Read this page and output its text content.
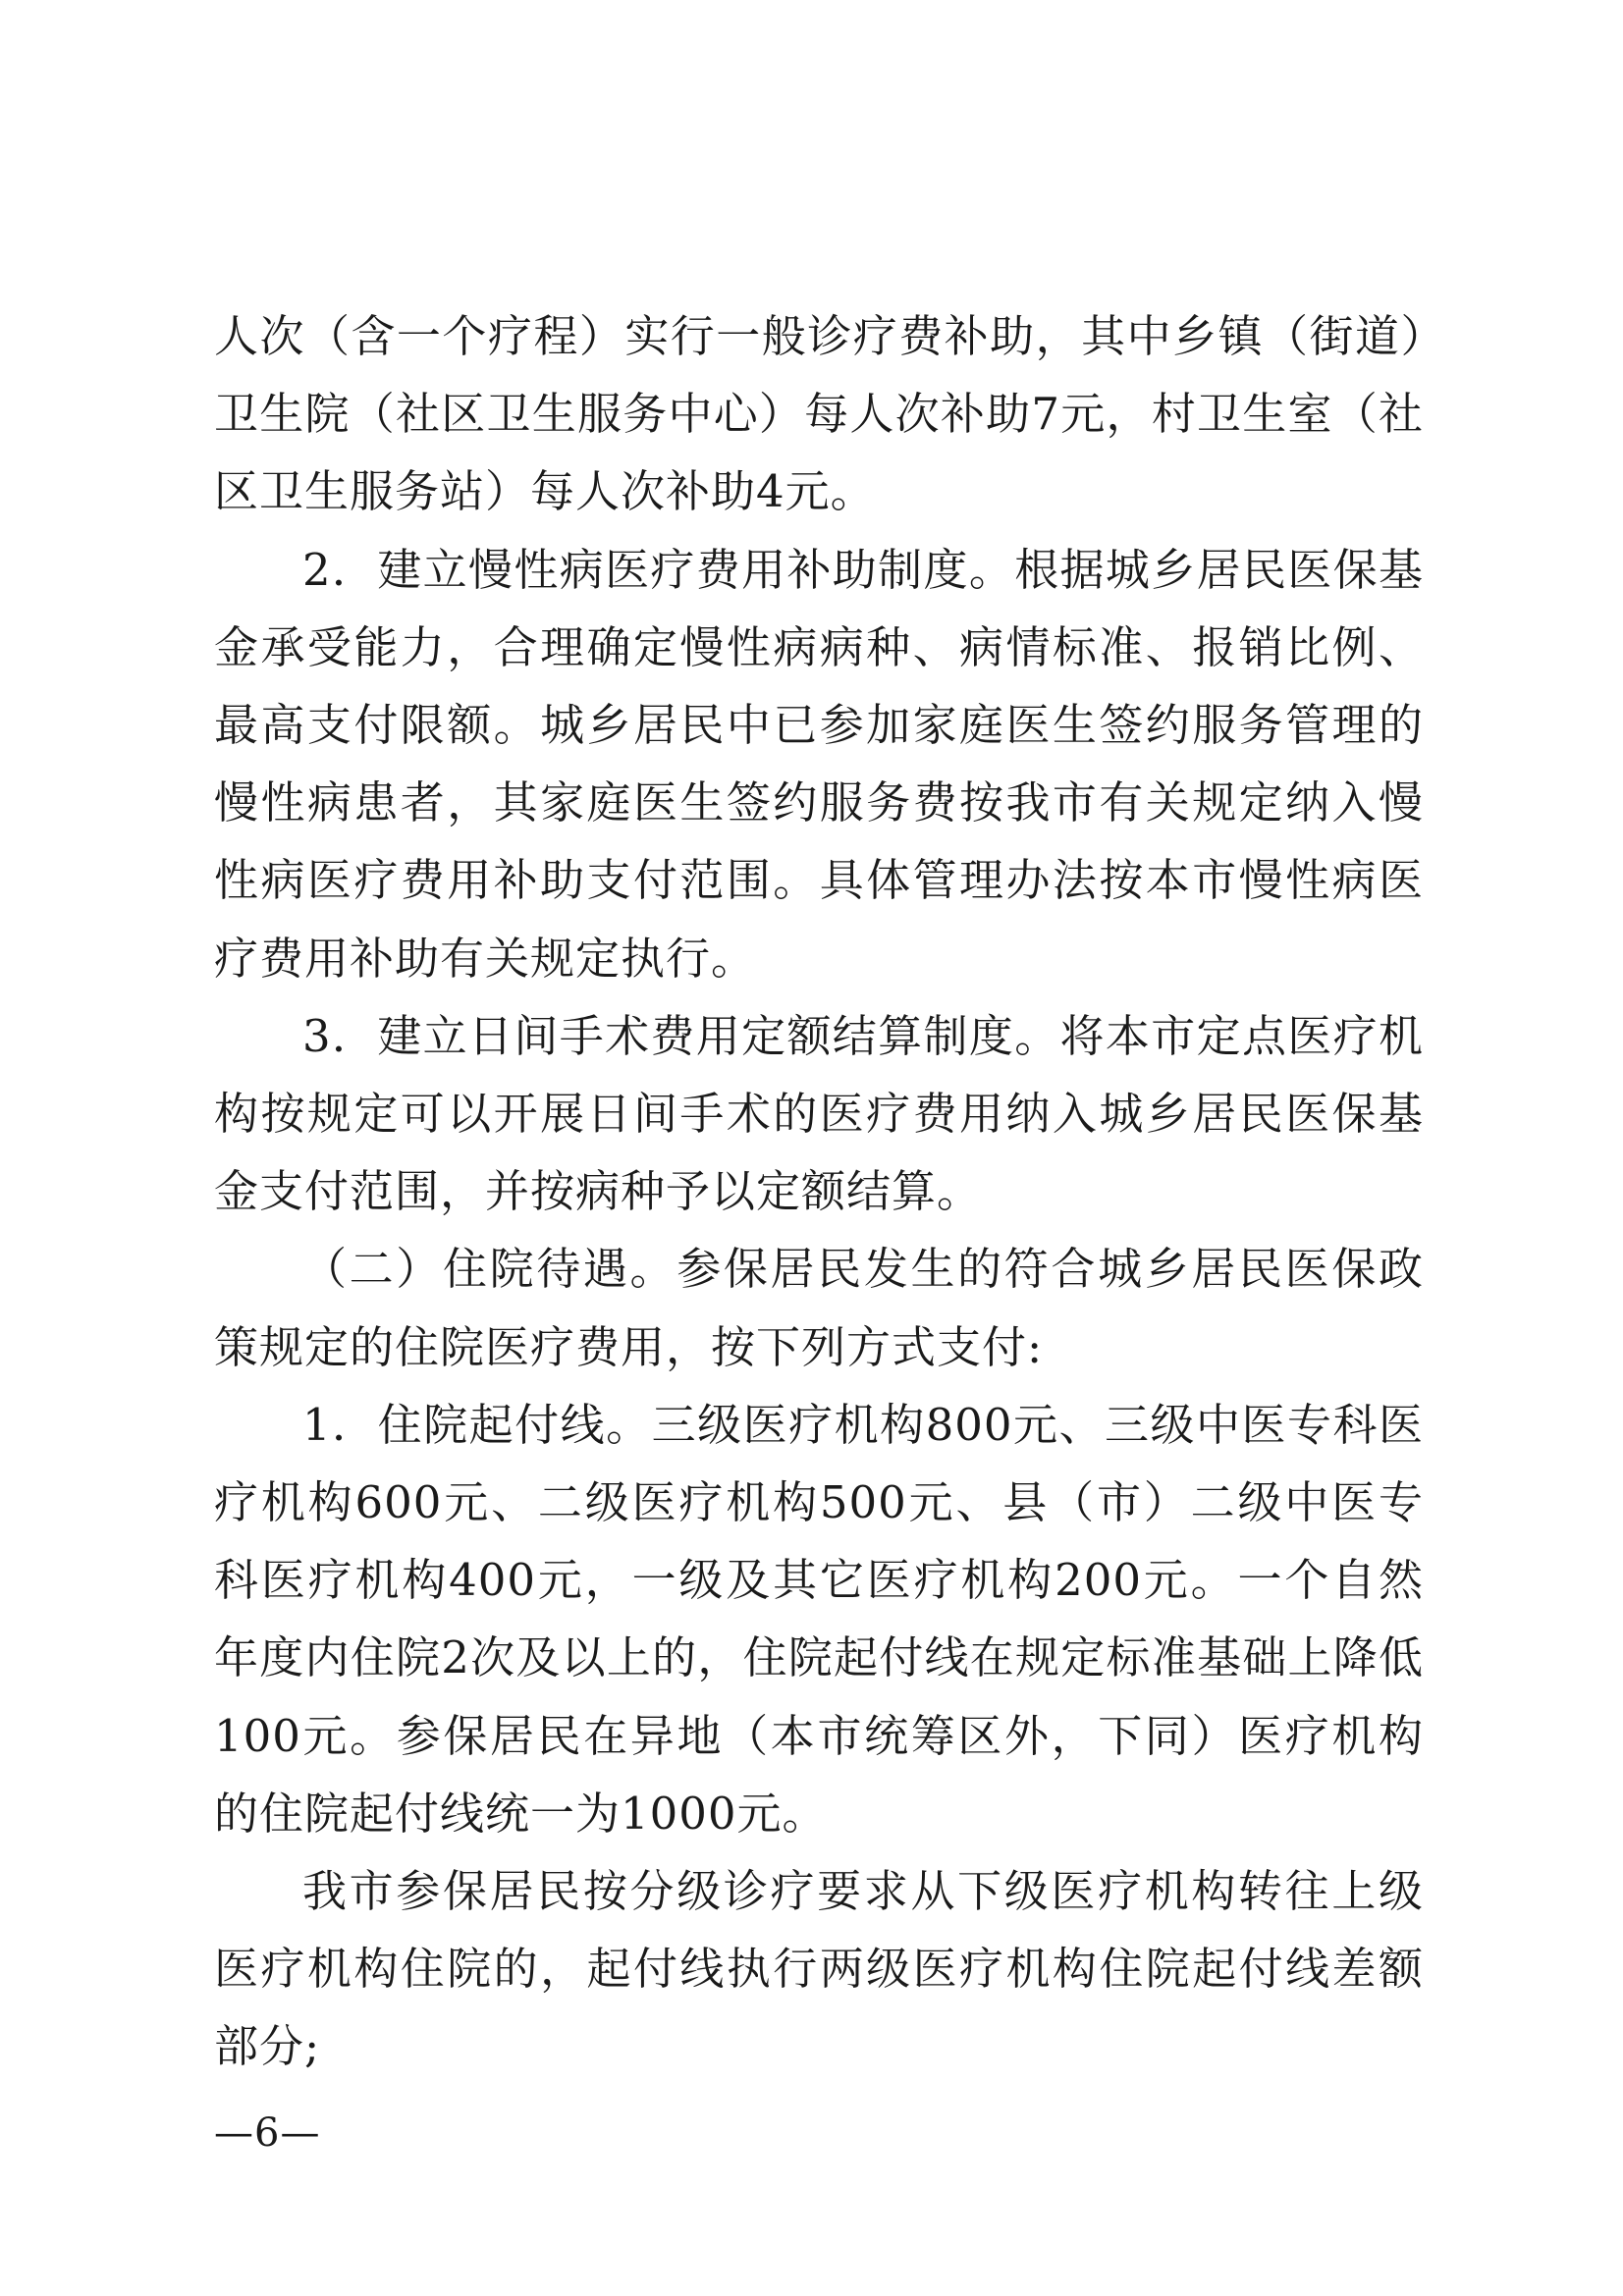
人次（含一个疗程）实行一般诊疗费补助，其中乡镇（街道）卫生院（社区卫生服务中心）每人次补助7元，村卫生室（社区卫生服务站）每人次补助4元。

2．建立慢性病医疗费用补助制度。根据城乡居民医保基金承受能力，合理确定慢性病病种、病情标准、报销比例、最高支付限额。城乡居民中已参加家庭医生签约服务管理的慢性病患者，其家庭医生签约服务费按我市有关规定纳入慢性病医疗费用补助支付范围。具体管理办法按本市慢性病医疗费用补助有关规定执行。

3．建立日间手术费用定额结算制度。将本市定点医疗机构按规定可以开展日间手术的医疗费用纳入城乡居民医保基金支付范围，并按病种予以定额结算。

（二）住院待遇。参保居民发生的符合城乡居民医保政策规定的住院医疗费用，按下列方式支付:

1．住院起付线。三级医疗机构800元、三级中医专科医疗机构600元、二级医疗机构500元、县（市）二级中医专科医疗机构400元，一级及其它医疗机构200元。一个自然年度内住院2次及以上的，住院起付线在规定标准基础上降低100元。参保居民在异地（本市统筹区外，下同）医疗机构的住院起付线统一为1000元。

我市参保居民按分级诊疗要求从下级医疗机构转往上级医疗机构住院的，起付线执行两级医疗机构住院起付线差额部分;

—6—
